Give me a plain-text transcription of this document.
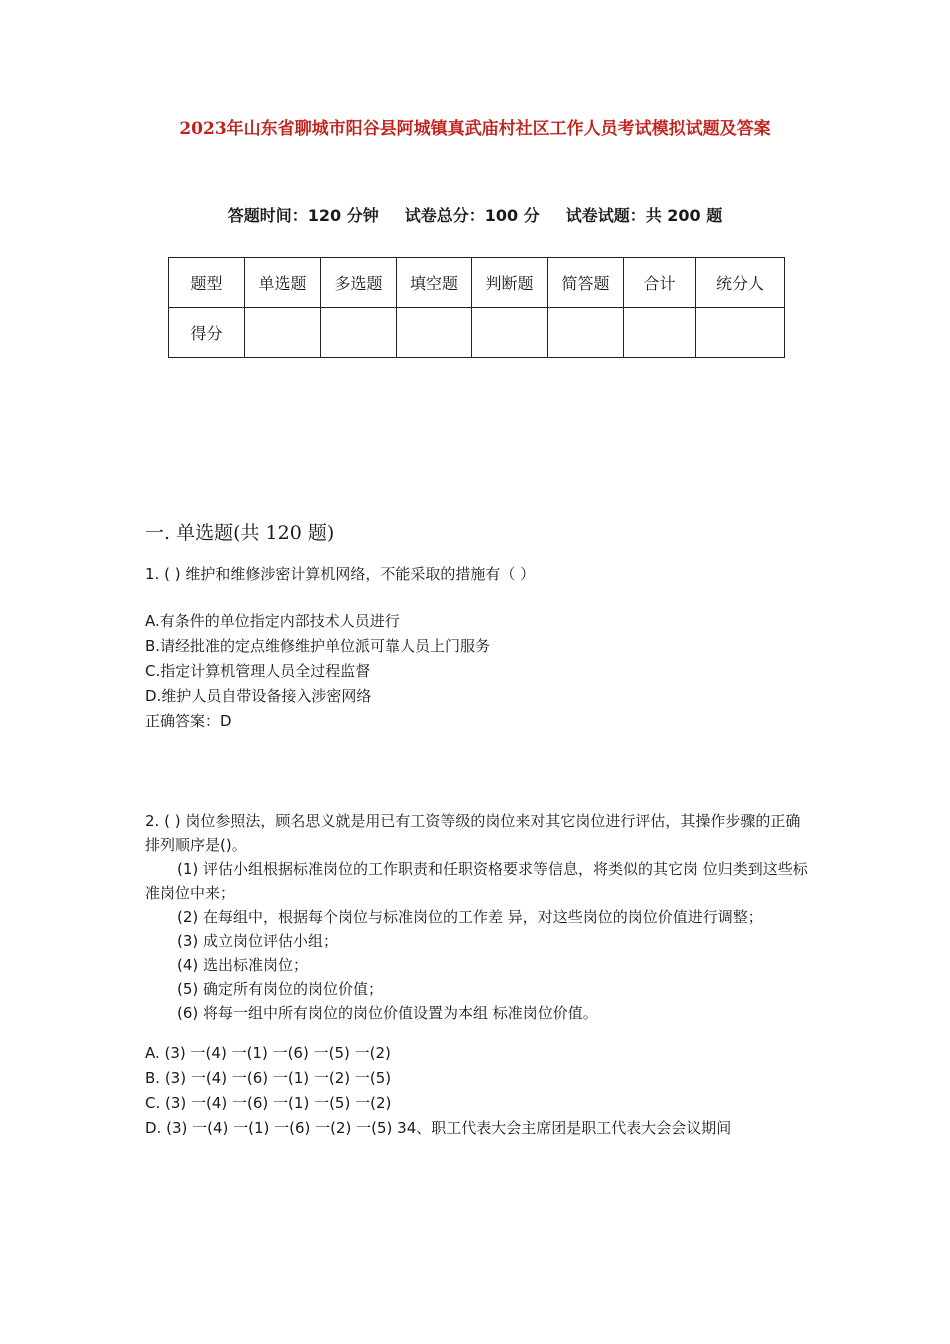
2023年山东省聊城市阳谷县阿城镇真武庙村社区工作人员考试模拟试题及答案
答题时间：120 分钟 试卷总分：100 分 试卷试题：共 200 题
题型	单选题	多选题	填空题	判断题	简答题	合计	统分人
得分							
一. 单选题(共 120 题)
1. ( ) 维护和维修涉密计算机网络，不能采取的措施有（ ）
A.有条件的单位指定内部技术人员进行
B.请经批准的定点维修维护单位派可靠人员上门服务
C.指定计算机管理人员全过程监督
D.维护人员自带设备接入涉密网络
正确答案：D

2. ( ) 岗位参照法，顾名思义就是用已有工资等级的岗位来对其它岗位进行评估，其操作步骤的正确排列顺序是()。

(1) 评估小组根据标准岗位的工作职责和任职资格要求等信息，将类似的其它岗 位归类到这些标准岗位中来；

(2) 在每组中，根据每个岗位与标准岗位的工作差 异，对这些岗位的岗位价值进行调整；

(3) 成立岗位评估小组；

(4) 选出标准岗位；

(5) 确定所有岗位的岗位价值；

(6) 将每一组中所有岗位的岗位价值设置为本组 标准岗位价值。

A. (3) 一(4) 一(1) 一(6) 一(5) 一(2)
B. (3) 一(4) 一(6) 一(1) 一(2) 一(5)
C. (3) 一(4) 一(6) 一(1) 一(5) 一(2)
D. (3) 一(4) 一(1) 一(6) 一(2) 一(5) 34、职工代表大会主席团是职工代表大会会议期间
